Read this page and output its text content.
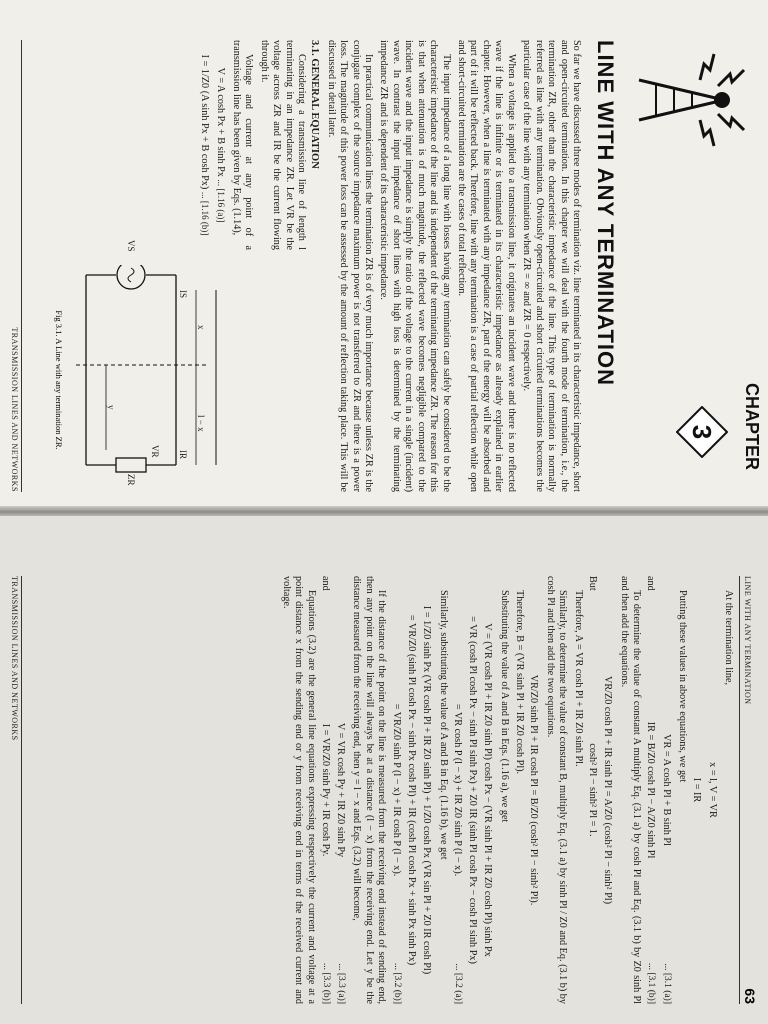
CHAPTER
3
LINE WITH ANY TERMINATION

So far we have discussed three modes of termination viz. line terminated in its characteristic impedance, short and open-circuited termination. In this chapter we will deal with the fourth mode of termination, i.e., the termination ZR, other than the characteristic impedance of the line. This type of termination is normally referred as line with any termination. Obviously open-circuited and short circuited terminations becomes the particular case of the line with any termination when ZR = ∞ and ZR = 0 respectively.

When a voltage is applied to a transmission line, it originates an incident wave and there is no reflected wave if the line is infinite or is terminated in its characteristic impedance as already explained in earlier chapter. However, when a line is terminated with any impedance ZR, part of the energy will be absorbed and part of it will be reflected back. Therefore, line with any termination is a case of partial reflection while open and short-circuited termination are the cases of total reflection.

The input impedance of a long line with losses having any termination can safely be considered to be the characteristic impedance of the line and is independent of the terminating impedance ZR. The reason for this is that when attenuation is of much magnitude, the reflected wave becomes negligible compared to the incident wave and the input impedance is simply the ratio of the voltage to the current in a single (incident) wave. In contrast the input impedance of short lines with high loss is determined by the terminating impedance ZR and is dependent of its characteristic impedance.

In practical communication lines the termination ZR is of very much importance because unless ZR is the conjugate complex of the source impedance maximum power is not transferred to ZR and there is a power loss. The magnitude of this power loss can be assessed by the amount of reflection taking place. This will be discussed in detail later.

3.1. GENERAL EQUATION

Considering a transmission line of length l terminating in an impedance ZR. Let VR be the voltage across ZR and IR be the current flowing through it.

Voltage and current at any point of a transmission line has been given by Eqs. (1.14),

V = A cosh Px + B sinh Px ... [1.16 (a)]
I = 1/Z0 (A sinh Px + B cosh Px) ... [1.16 (b)]
x
l − x
y
VS
IS
VR IR
ZR
Fig 3.1. A Line with any termination ZR.
TRANSMISSION LINES AND NETWORKS
LINE WITH ANY TERMINATION
63

At the termination line,

x = l, V = VR
I = IR

Putting these values in above equations, we get

VR = A cosh Pl + B sinh Pl
... [3.1 (a)]
and
IR = B/Z0 cosh Pl − A/Z0 sinh Pl
... [3.1 (b)]

To determine the value of constant A multiply Eq. (3.1 a) by cosh Pl and Eq. (3.1 b) by Z0 sinh Pl and then add the equations.

VR/Z0 cosh Pl + IR sinh Pl = A/Z0 (cosh² Pl − sinh² Pl)
But
cosh² Pl − sinh² Pl = 1.

Therefore, A = VR cosh Pl + IR Z0 sinh Pl.

Similarly, to determine the value of constant B, multiply Eq. (3.1 a) by sinh Pl / Z0 and Eq. (3.1 b) by cosh Pl and then add the two equations.

VR/Z0 sinh Pl + IR cosh Pl = B/Z0 (cosh² Pl − sinh² Pl).

Therefore, B = (VR sinh Pl + IR Z0 cosh Pl).

Substituting the value of A and B in Eqs. (1.16 a), we get

V = (VR cosh Pl + IR Z0 sinh Pl) cosh Px − (VR sinh Pl + IR Z0 cosh Pl) sinh Px
= VR (cosh Pl cosh Px − sinh Pl sinh Px) + Z0 IR (sinh Pl cosh Px − cosh Pl sinh Px)
= VR cosh P (l − x) + IR Z0 sinh P (l − x).
... [3.2 (a)]

Similarly, substituting the value of A and B in Eq. (1.16 b), we get

I = 1/Z0 sinh Px (VR cosh Pl + IR Z0 sinh Pl) + 1/Z0 cosh Px (VR sin Pl + Z0 IR cosh Pl)
= VR/Z0 (sinh Pl cosh Px − sinh Px cosh Pl) + IR (cosh Pl cosh Px + sinh Px sinh Px)
= VR/Z0 sinh P (l − x) + IR cosh P (l − x).
... [3.2 (b)]

If the distance of the point on the line is measured from the receiving end instead of sending end, then any point on the line will always be at a distance (l − x) from the receiving end. Let y be the distance measured from the receiving end, then y = l − x and Eqs. (3.2) will become,

V = VR cosh Py + IR Z0 sinh Py
... [3.3 (a)]
and
I = VR/Z0 sinh Py + IR cosh Py.
... [3.3 (b)]

Equations (3.2) are the general line equations expressing respectively the current and voltage at a point distance x from the sending end or y from receiving end in terms of the received current and voltage.

TRANSMISSION LINES AND NETWORKS
